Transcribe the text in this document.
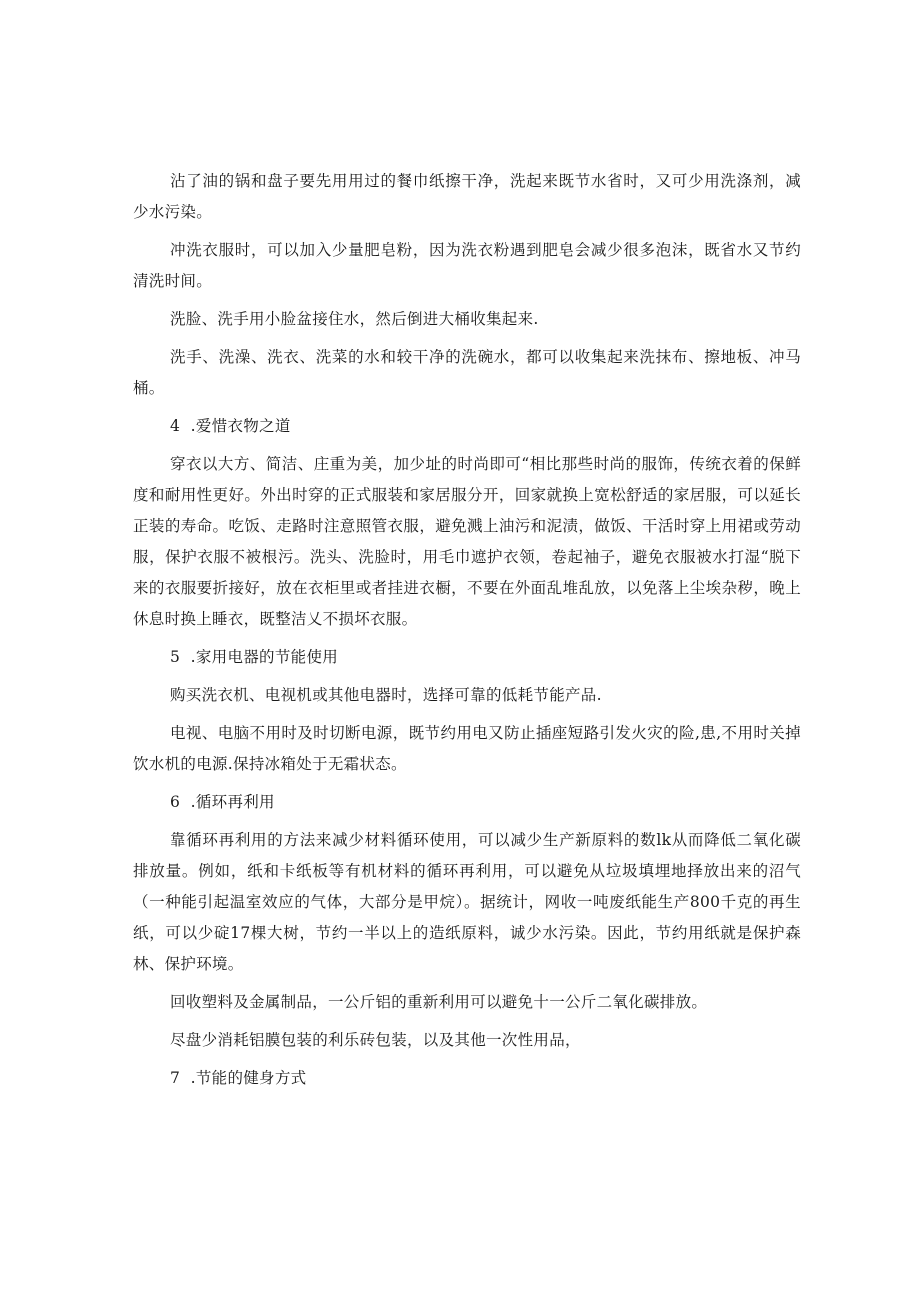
沾了油的锅和盘子要先用用过的餐巾纸擦干净，洗起来既节水省时，又可少用洗涤剂，减少水污染。

冲洗衣服时，可以加入少量肥皂粉，因为洗衣粉遇到肥皂会减少很多泡沫，既省水又节约清洗时间。

洗脸、洗手用小脸盆接住水，然后倒进大桶收集起来.

洗手、洗澡、洗衣、洗菜的水和较干净的洗碗水，都可以收集起来洗抹布、擦地板、冲马桶。

4  .爱惜衣物之道

穿衣以大方、简洁、庄重为美，加少址的时尚即可“相比那些时尚的服饰，传统衣着的保鲜度和耐用性更好。外出时穿的正式服装和家居服分开，回家就换上宽松舒适的家居服，可以延长正装的寿命。吃饭、走路时注意照管衣服，避免溅上油污和泥渍，做饭、干活时穿上用裙或劳动服，保护衣服不被根污。洗头、洗脸时，用毛巾遮护衣领，卷起袖子，避免衣服被水打湿“脱下来的衣服要折接好，放在衣柜里或者挂进衣橱，不要在外面乱堆乱放，以免落上尘埃杂秽，晚上休息时换上睡衣，既整洁乂不损坏衣服。

5  .家用电器的节能使用

购买洗衣机、电视机或其他电器时，选择可靠的低耗节能产品.

电视、电脑不用时及时切断电源，既节约用电又防止插座短路引发火灾的险,患,不用时关掉饮水机的电源.保持冰箱处于无霜状态。

6  .循环再利用

靠循环再利用的方法来减少材料循环使用，可以减少生产新原料的数lk从而降低二氧化碳排放量。例如，纸和卡纸板等有机材料的循环再利用，可以避免从垃圾填埋地择放出来的沼气（一种能引起温室效应的气体，大部分是甲烷）。据统计，网收一吨废纸能生产800千克的再生纸，可以少碇17棵大树，节约一半以上的造纸原料，诚少水污染。因此，节约用纸就是保护森林、保护环境。

回收塑料及金属制品，一公斤铝的重新利用可以避免十一公斤二氧化碳排放。

尽盘少消耗铝膜包装的利乐砖包装，以及其他一次性用品，

7  .节能的健身方式
